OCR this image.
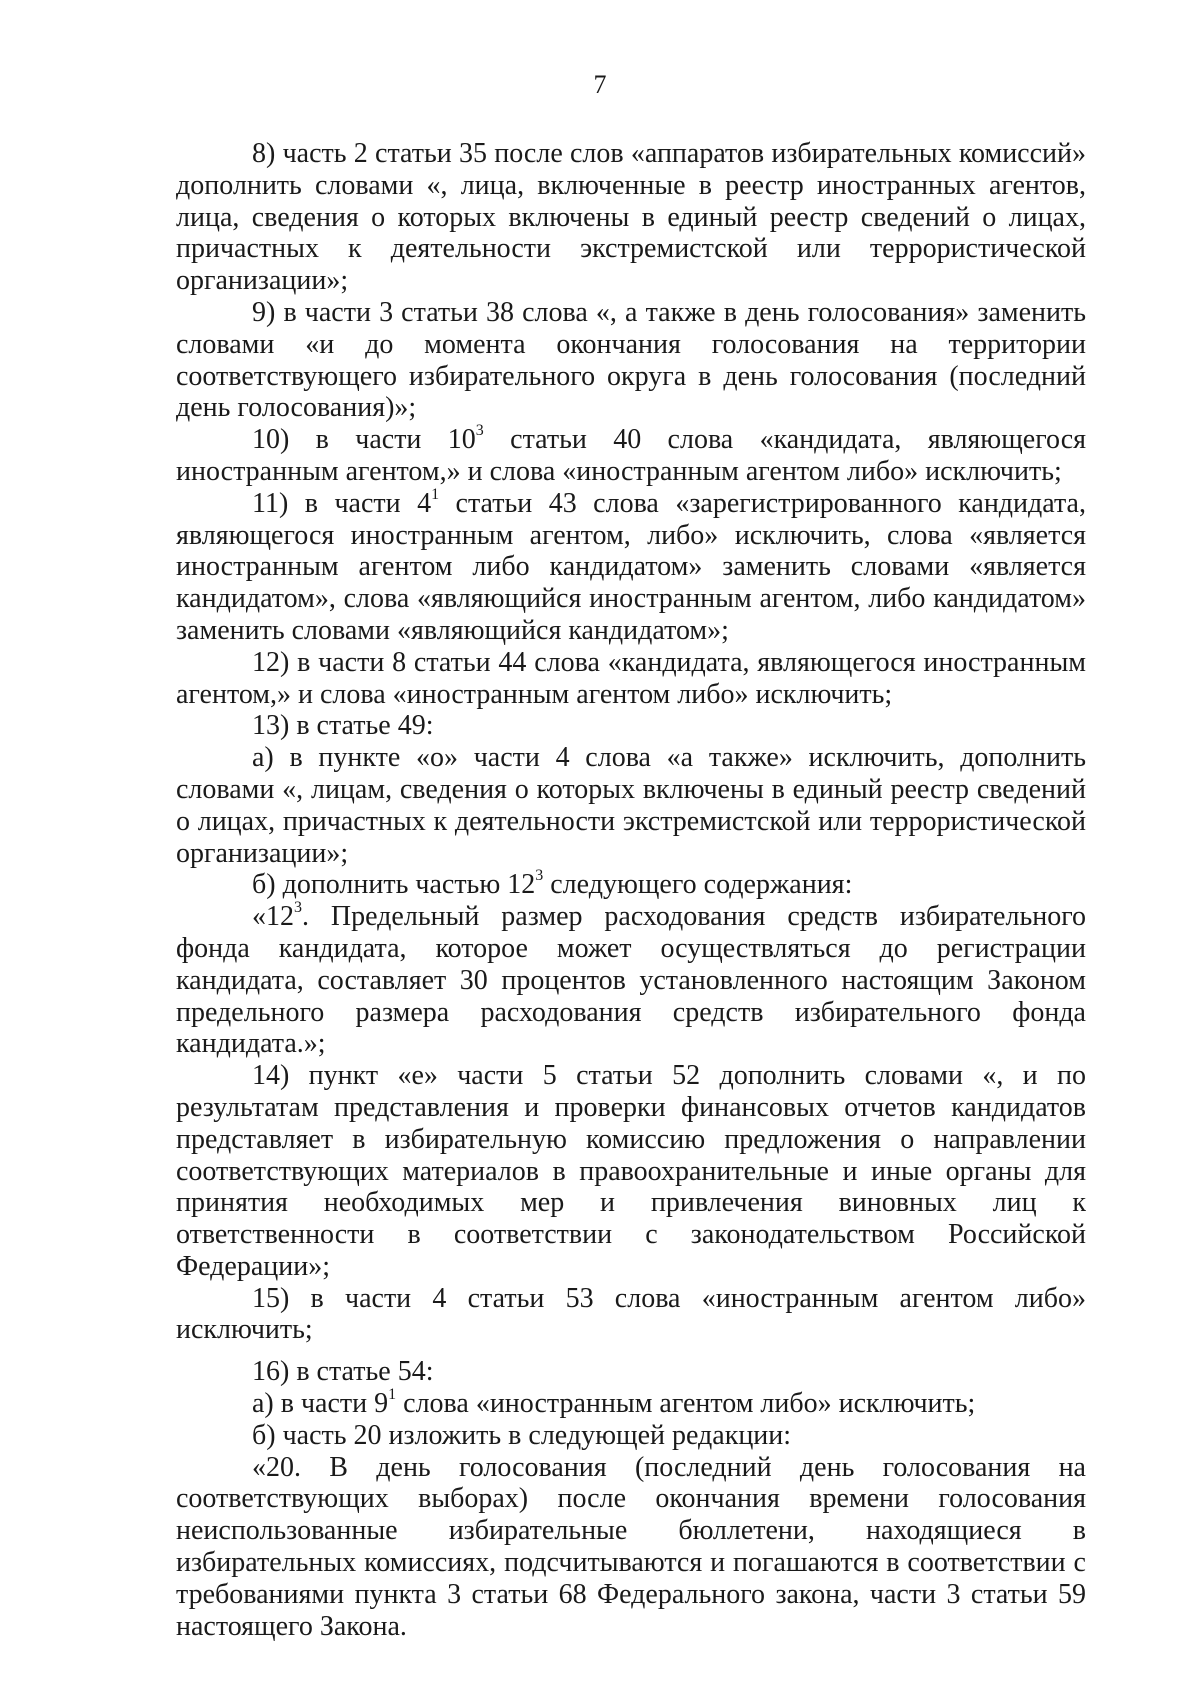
7

8) часть 2 статьи 35 после слов «аппаратов избирательных комиссий» дополнить словами «, лица, включенные в реестр иностранных агентов, лица, сведения о которых включены в единый реестр сведений о лицах, причастных к деятельности экстремистской или террористической организации»;

9) в части 3 статьи 38 слова «, а также в день голосования» заменить словами «и до момента окончания голосования на территории соответствующего избирательного округа в день голосования (последний день голосования)»;

10) в части $10^3$ статьи 40 слова «кандидата, являющегося иностранным агентом,» и слова «иностранным агентом либо» исключить;

11) в части $4^1$ статьи 43 слова «зарегистрированного кандидата, являющегося иностранным агентом, либо» исключить, слова «является иностранным агентом либо кандидатом» заменить словами «является кандидатом», слова «являющийся иностранным агентом, либо кандидатом» заменить словами «являющийся кандидатом»;

12) в части 8 статьи 44 слова «кандидата, являющегося иностранным агентом,» и слова «иностранным агентом либо» исключить;

13) в статье 49:

а) в пункте «о» части 4 слова «а также» исключить, дополнить словами «, лицам, сведения о которых включены в единый реестр сведений о лицах, причастных к деятельности экстремистской или террористической организации»;

б) дополнить частью $12^3$ следующего содержания:

«$12^3$. Предельный размер расходования средств избирательного фонда кандидата, которое может осуществляться до регистрации кандидата, составляет 30 процентов установленного настоящим Законом предельного размера расходования средств избирательного фонда кандидата.»;

14) пункт «е» части 5 статьи 52 дополнить словами «, и по результатам представления и проверки финансовых отчетов кандидатов представляет в избирательную комиссию предложения о направлении соответствующих материалов в правоохранительные и иные органы для принятия необходимых мер и привлечения виновных лиц к ответственности в соответствии с законодательством Российской Федерации»;

15) в части 4 статьи 53 слова «иностранным агентом либо» исключить;

16) в статье 54:

а) в части $9^1$ слова «иностранным агентом либо» исключить;

б) часть 20 изложить в следующей редакции:

«20. В день голосования (последний день голосования на соответствующих выборах) после окончания времени голосования неиспользованные избирательные бюллетени, находящиеся в избирательных комиссиях, подсчитываются и погашаются в соответствии с требованиями пункта 3 статьи 68 Федерального закона, части 3 статьи 59 настоящего Закона.
